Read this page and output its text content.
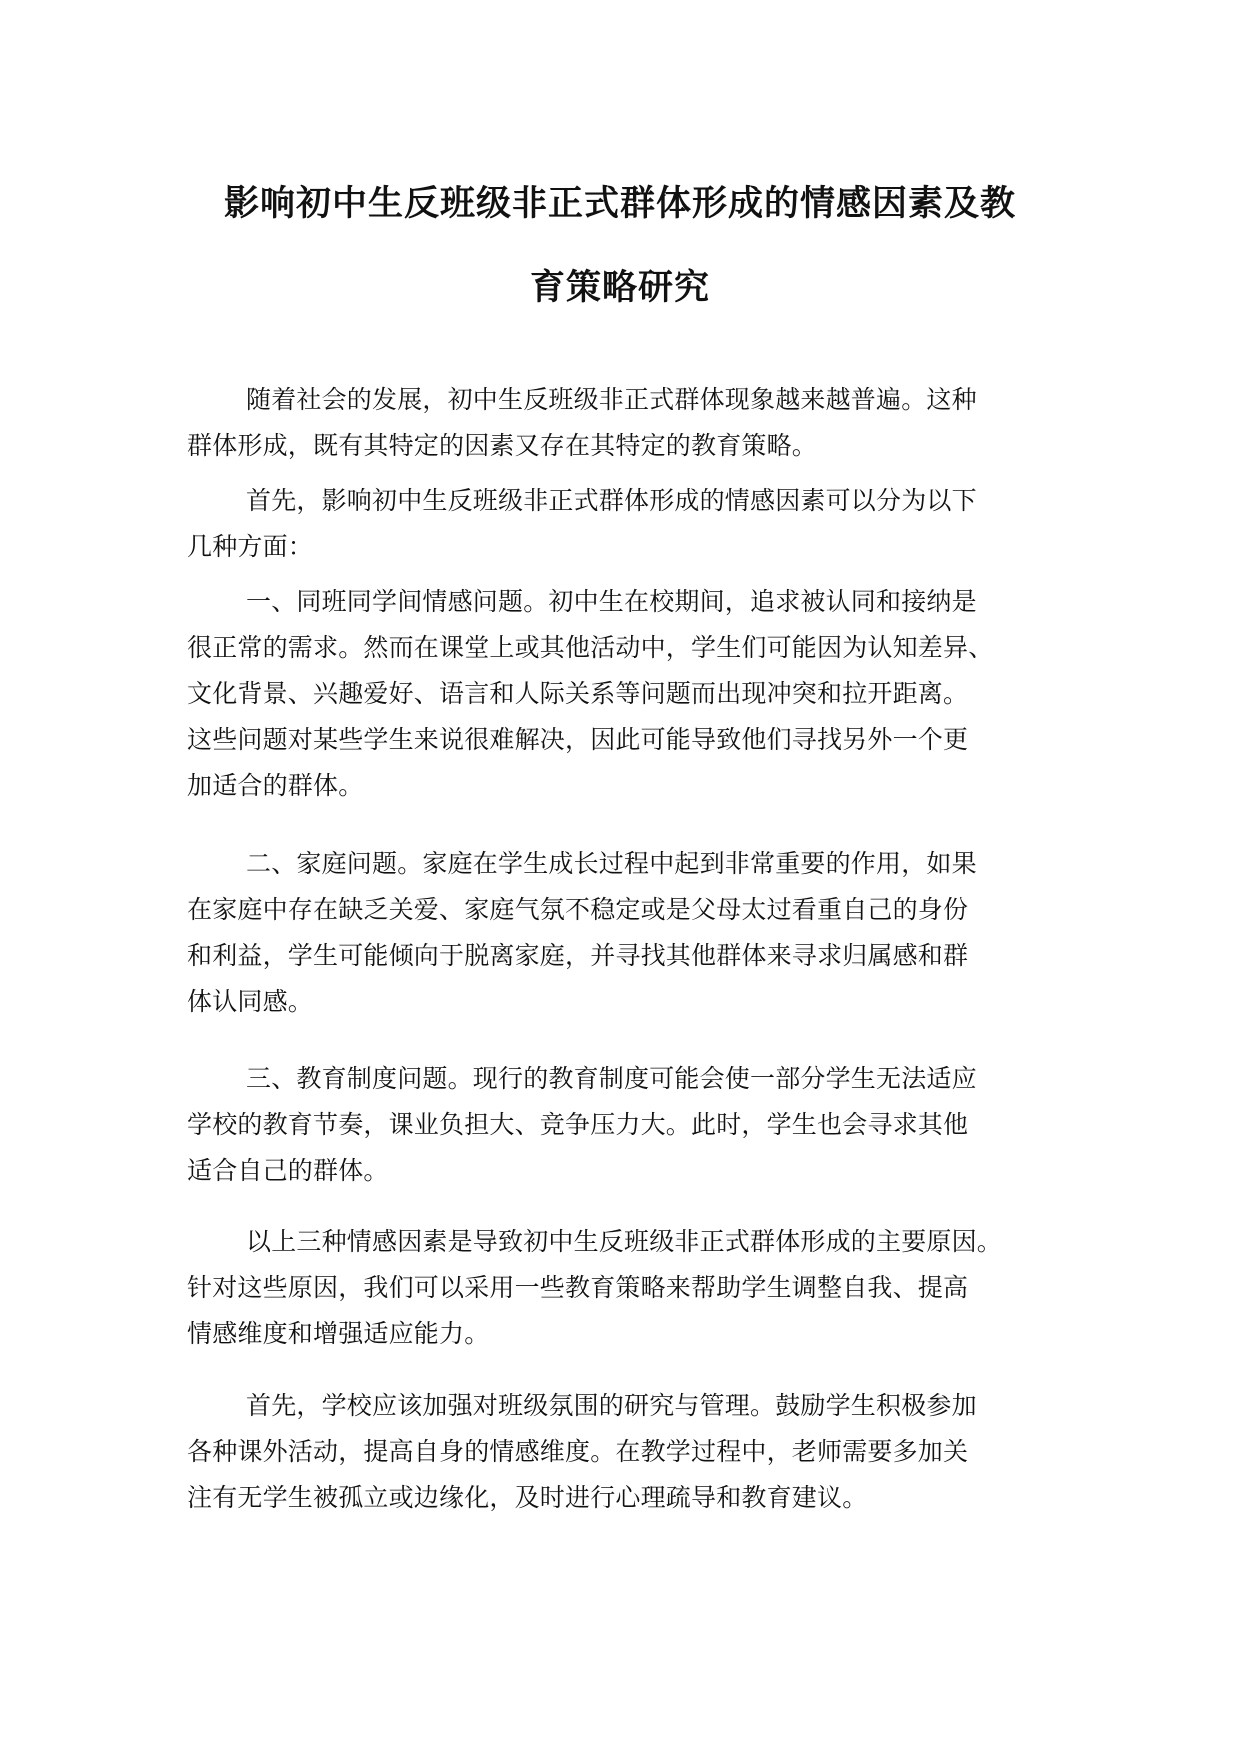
影响初中生反班级非正式群体形成的情感因素及教
育策略研究
随着社会的发展，初中生反班级非正式群体现象越来越普遍。这种
群体形成，既有其特定的因素又存在其特定的教育策略。
首先，影响初中生反班级非正式群体形成的情感因素可以分为以下
几种方面：
一、同班同学间情感问题。初中生在校期间，追求被认同和接纳是
很正常的需求。然而在课堂上或其他活动中，学生们可能因为认知差异、
文化背景、兴趣爱好、语言和人际关系等问题而出现冲突和拉开距离。
这些问题对某些学生来说很难解决，因此可能导致他们寻找另外一个更
加适合的群体。
二、家庭问题。家庭在学生成长过程中起到非常重要的作用，如果
在家庭中存在缺乏关爱、家庭气氛不稳定或是父母太过看重自己的身份
和利益，学生可能倾向于脱离家庭，并寻找其他群体来寻求归属感和群
体认同感。
三、教育制度问题。现行的教育制度可能会使一部分学生无法适应
学校的教育节奏，课业负担大、竞争压力大。此时，学生也会寻求其他
适合自己的群体。
以上三种情感因素是导致初中生反班级非正式群体形成的主要原因。
针对这些原因，我们可以采用一些教育策略来帮助学生调整自我、提高
情感维度和增强适应能力。
首先，学校应该加强对班级氛围的研究与管理。鼓励学生积极参加
各种课外活动，提高自身的情感维度。在教学过程中，老师需要多加关
注有无学生被孤立或边缘化，及时进行心理疏导和教育建议。
